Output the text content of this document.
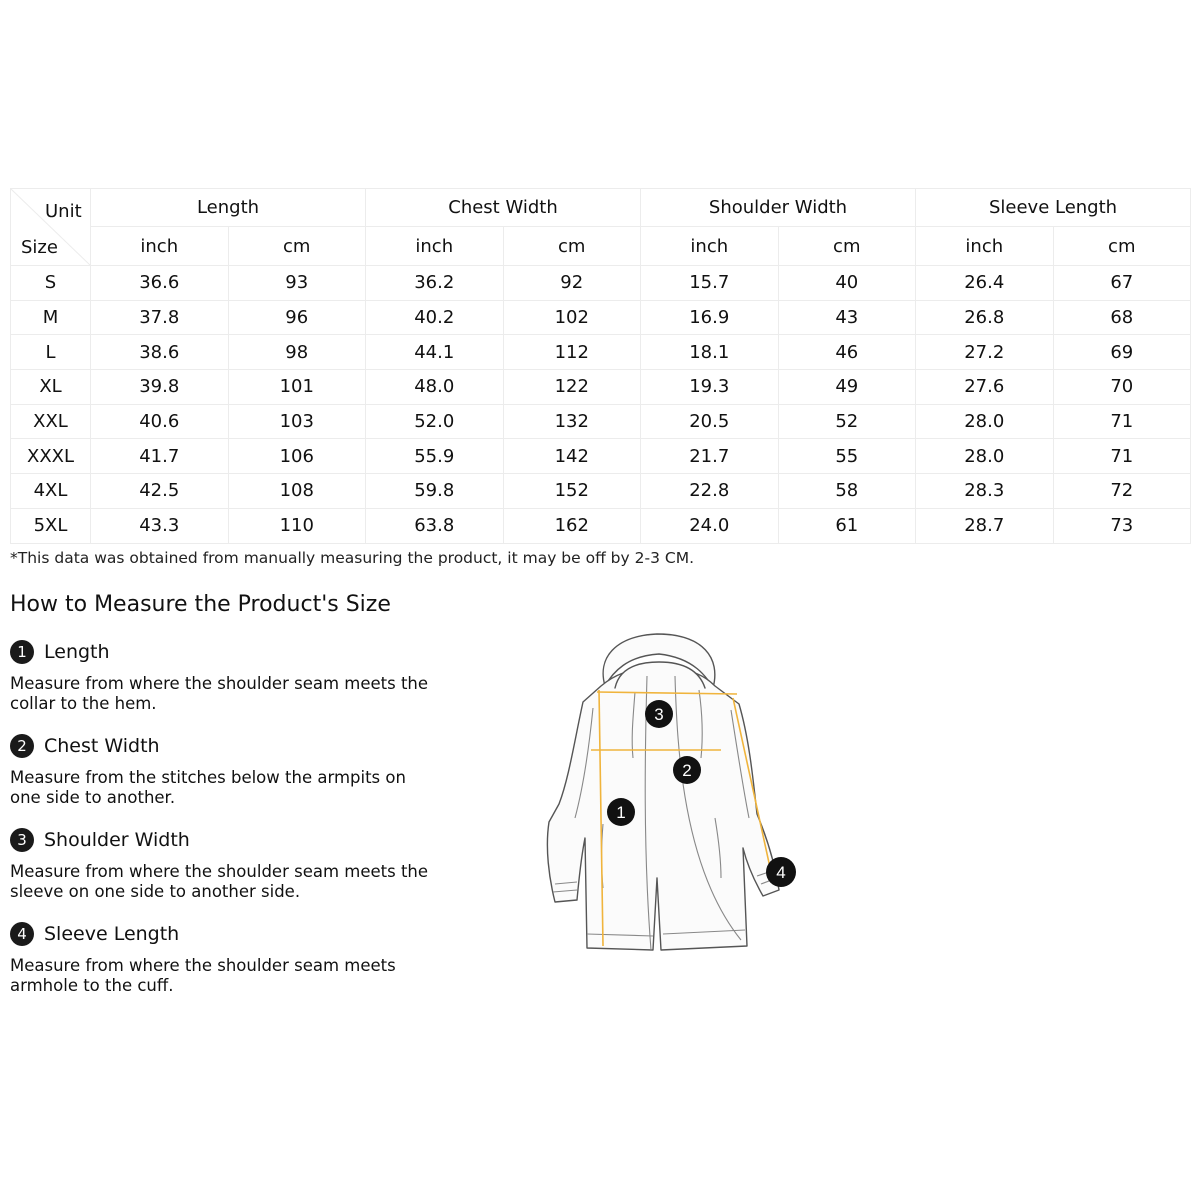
Unit
Size	Length		Chest Width		Shoulder Width		Sleeve Length	
	inch	cm	inch	cm	inch	cm	inch	cm
S	36.6	93	36.2	92	15.7	40	26.4	67
M	37.8	96	40.2	102	16.9	43	26.8	68
L	38.6	98	44.1	112	18.1	46	27.2	69
XL	39.8	101	48.0	122	19.3	49	27.6	70
XXL	40.6	103	52.0	132	20.5	52	28.0	71
XXXL	41.7	106	55.9	142	21.7	55	28.0	71
4XL	42.5	108	59.8	152	22.8	58	28.3	72
5XL	43.3	110	63.8	162	24.0	61	28.7	73
*This data was obtained from manually measuring the product, it may be off by 2-3 CM.
How to Measure the Product's Size
1 Length
Measure from where the shoulder seam meets the collar to the hem.
2 Chest Width
Measure from the stitches below the armpits on one side to another.
3 Shoulder Width
Measure from where the shoulder seam meets the sleeve on one side to another side.
4 Sleeve Length
Measure from where the shoulder seam meets armhole to the cuff.
1
2
3
4
